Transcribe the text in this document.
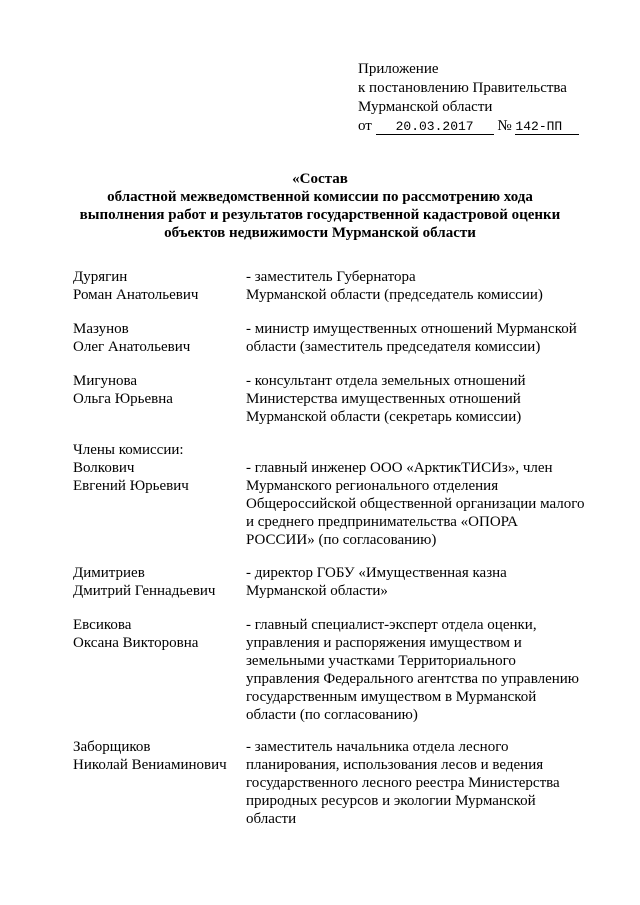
Приложение
к постановлению Правительства
Мурманской области
от 20.03.2017 № 142-ПП
«Состав
областной межведомственной комиссии по рассмотрению хода
выполнения работ и результатов государственной кадастровой оценки
объектов недвижимости Мурманской области
Дурягин
Роман Анатольевич
- заместитель Губернатора
Мурманской области (председатель комиссии)
Мазунов
Олег Анатольевич
- министр имущественных отношений Мурманской
области (заместитель председателя комиссии)
Мигунова
Ольга Юрьевна
- консультант отдела земельных отношений
Министерства имущественных отношений
Мурманской области (секретарь комиссии)
Члены комиссии:
Волкович
Евгений Юрьевич
- главный инженер ООО «АрктикТИСИз», член
Мурманского регионального отделения
Общероссийской общественной организации малого
и среднего предпринимательства «ОПОРА
РОССИИ» (по согласованию)
Димитриев
Дмитрий Геннадьевич
- директор ГОБУ «Имущественная казна
Мурманской области»
Евсикова
Оксана Викторовна
- главный специалист-эксперт отдела оценки,
управления и распоряжения имуществом и
земельными участками Территориального
управления Федерального агентства по управлению
государственным имуществом в Мурманской
области (по согласованию)
Заборщиков
Николай Вениаминович
- заместитель начальника отдела лесного
планирования, использования лесов и ведения
государственного лесного реестра Министерства
природных ресурсов и экологии Мурманской
области
